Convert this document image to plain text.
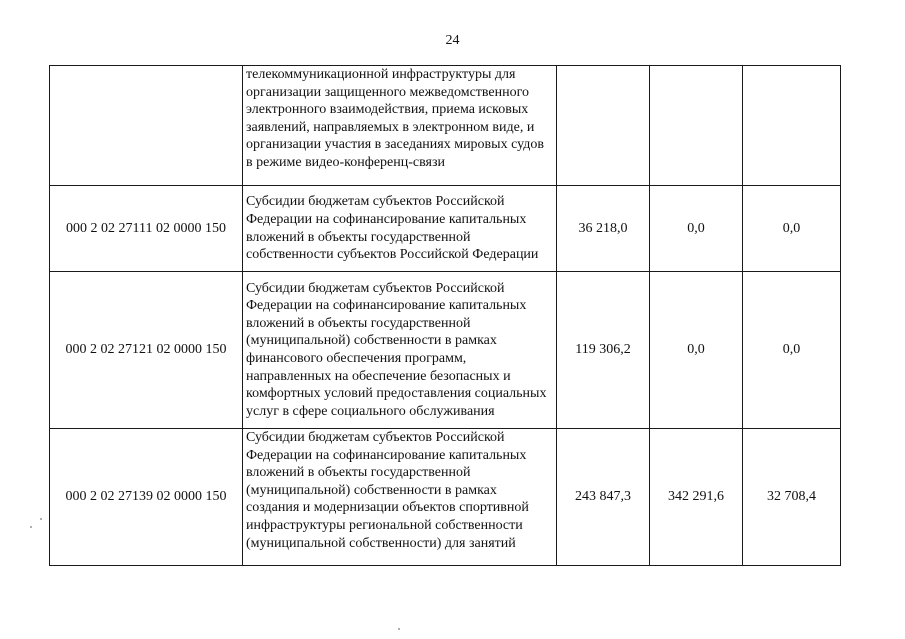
24
	телекоммуникационной инфраструктуры для организации защищенного межведомственного электронного взаимодействия, приема исковых заявлений, направляемых в электронном виде, и организации участия в заседаниях мировых судов в режиме видео-конференц-связи			
000 2 02 27111 02 0000 150	Субсидии бюджетам субъектов Российской Федерации на софинансирование капитальных вложений в объекты государственной собственности субъектов Российской Федерации	36 218,0	0,0	0,0
000 2 02 27121 02 0000 150	Субсидии бюджетам субъектов Российской Федерации на софинансирование капитальных вложений в объекты государственной (муниципальной) собственности в рамках финансового обеспечения программ, направленных на обеспечение безопасных и комфортных условий предоставления социальных услуг в сфере социального обслуживания	119 306,2	0,0	0,0
000 2 02 27139 02 0000 150	Субсидии бюджетам субъектов Российской Федерации на софинансирование капитальных вложений в объекты государственной (муниципальной) собственности в рамках создания и модернизации объектов спортивной инфраструктуры региональной собственности (муниципальной собственности) для занятий	243 847,3	342 291,6	32 708,4
